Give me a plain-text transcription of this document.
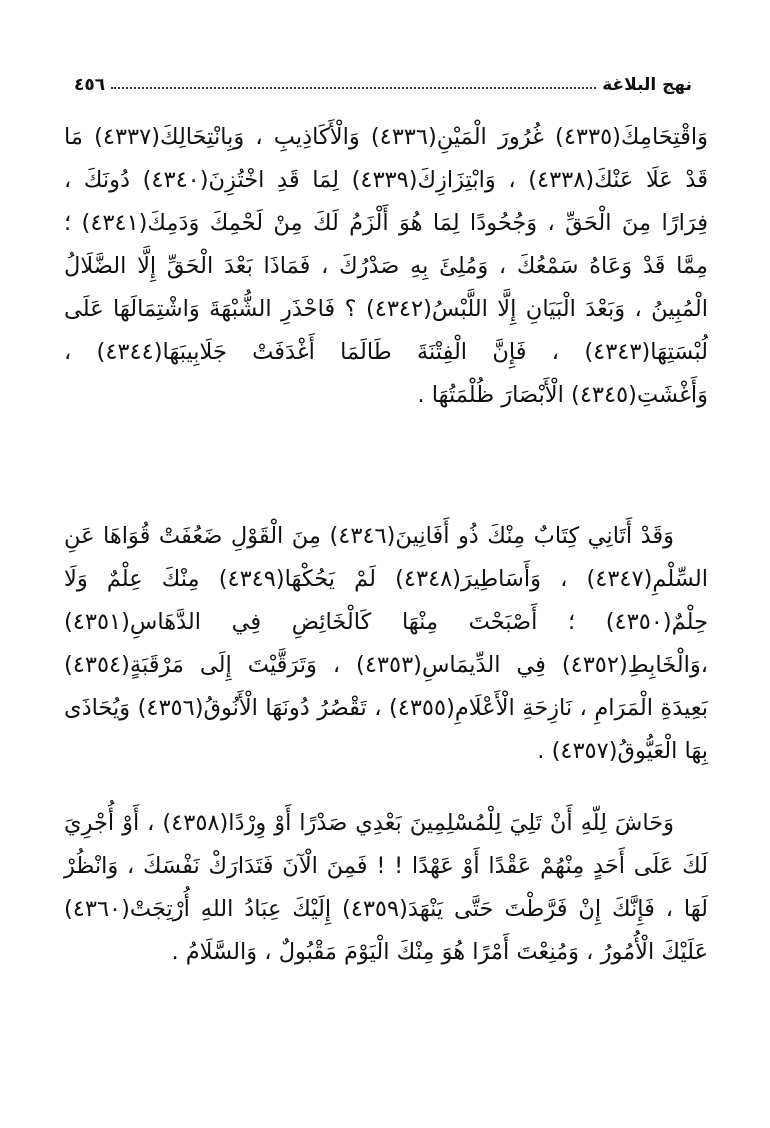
نهج البلاغة
٤٥٦

وَاقْتِحَامِكَ(٤٣٣٥) غُرُورَ الْمَيْنِ(٤٣٣٦) وَالْأَكَاذِيبِ ، وَبِانْتِحَالِكَ(٤٣٣٧) مَا قَدْ عَلَا عَنْكَ(٤٣٣٨) ، وَابْتِزَازِكَ(٤٣٣٩) لِمَا قَدِ اخْتُزِنَ(٤٣٤٠) دُونَكَ ، فِرَارًا مِنَ الْحَقِّ ، وَجُحُودًا لِمَا هُوَ أَلْزَمُ لَكَ مِنْ لَحْمِكَ وَدَمِكَ(٤٣٤١) ؛ مِمَّا قَدْ وَعَاهُ سَمْعُكَ ، وَمُلِئَ بِهِ صَدْرُكَ ، فَمَاذَا بَعْدَ الْحَقِّ إِلَّا الضَّلَالُ الْمُبِينُ ، وَبَعْدَ الْبَيَانِ إِلَّا اللَّبْسُ(٤٣٤٢) ؟ فَاحْذَرِ الشُّبْهَةَ وَاشْتِمَالَهَا عَلَى لُبْسَتِهَا(٤٣٤٣) ، فَإِنَّ الْفِتْنَةَ طَالَمَا أَغْدَفَتْ جَلَابِيبَهَا(٤٣٤٤) ، وَأَغْشَتِ(٤٣٤٥) الْأَبْصَارَ ظُلْمَتُهَا .

وَقَدْ أَتَانِي كِتَابٌ مِنْكَ ذُو أَفَانِينَ(٤٣٤٦) مِنَ الْقَوْلِ ضَعُفَتْ قُوَاهَا عَنِ السِّلْمِ(٤٣٤٧) ، وَأَسَاطِيرَ(٤٣٤٨) لَمْ يَحُكْهَا(٤٣٤٩) مِنْكَ عِلْمٌ وَلَا حِلْمٌ(٤٣٥٠) ؛ أَصْبَحْتَ مِنْهَا كَالْخَائِضِ فِي الدَّهَاسِ(٤٣٥١) ،وَالْخَابِطِ(٤٣٥٢) فِي الدِّيمَاسِ(٤٣٥٣) ، وَتَرَقَّيْتَ إِلَى مَرْقَبَةٍ(٤٣٥٤) بَعِيدَةِ الْمَرَامِ ، نَازِحَةِ الْأَعْلَامِ(٤٣٥٥) ، تَقْصُرُ دُونَهَا الْأَنُوقُ(٤٣٥٦) وَيُحَاذَى بِهَا الْعَيُّوقُ(٤٣٥٧) .

وَحَاشَ لِلّهِ أَنْ تَلِيَ لِلْمُسْلِمِينَ بَعْدِي صَدْرًا أَوْ وِرْدًا(٤٣٥٨) ، أَوْ أُجْرِيَ لَكَ عَلَى أَحَدٍ مِنْهُمْ عَقْدًا أَوْ عَهْدًا ! ! فَمِنَ الْآنَ فَتَدَارَكْ نَفْسَكَ ، وَانْظُرْ لَهَا ، فَإِنَّكَ إِنْ فَرَّطْتَ حَتَّى يَنْهَدَ(٤٣٥٩) إِلَيْكَ عِبَادُ اللهِ أُرْتِجَتْ(٤٣٦٠) عَلَيْكَ الْأُمُورُ ، وَمُنِعْتَ أَمْرًا هُوَ مِنْكَ الْيَوْمَ مَقْبُولٌ ، وَالسَّلَامُ .
